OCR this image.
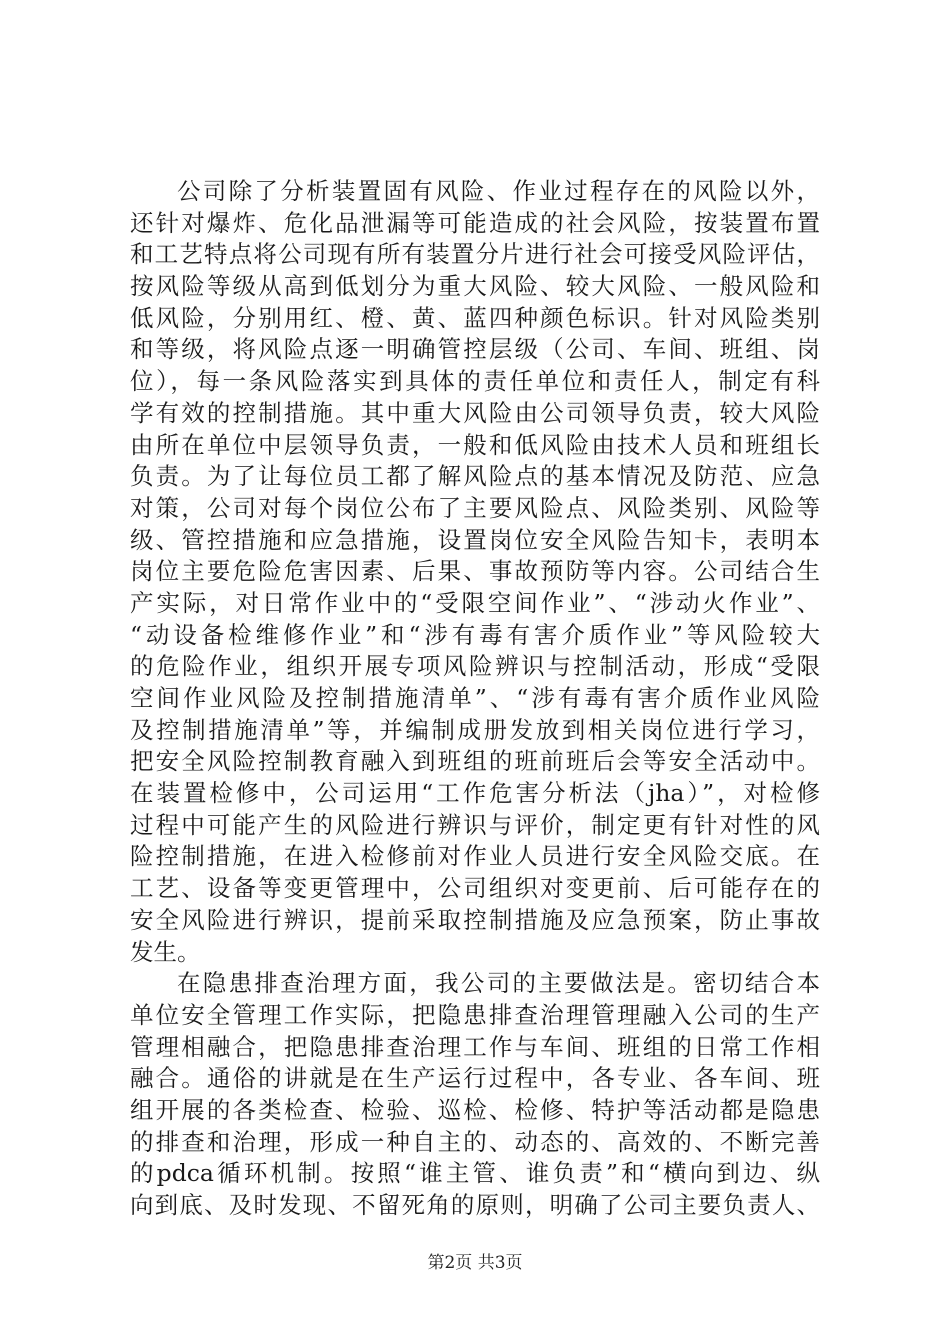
公司除了分析装置固有风险、作业过程存在的风险以外，
还针对爆炸、危化品泄漏等可能造成的社会风险，按装置布置
和工艺特点将公司现有所有装置分片进行社会可接受风险评估，
按风险等级从高到低划分为重大风险、较大风险、一般风险和
低风险，分别用红、橙、黄、蓝四种颜色标识。针对风险类别
和等级，将风险点逐一明确管控层级（公司、车间、班组、岗
位），每一条风险落实到具体的责任单位和责任人，制定有科
学有效的控制措施。其中重大风险由公司领导负责，较大风险
由所在单位中层领导负责，一般和低风险由技术人员和班组长
负责。为了让每位员工都了解风险点的基本情况及防范、应急
对策，公司对每个岗位公布了主要风险点、风险类别、风险等
级、管控措施和应急措施，设置岗位安全风险告知卡，表明本
岗位主要危险危害因素、后果、事故预防等内容。公司结合生
产实际，对日常作业中的“受限空间作业”、“涉动火作业”、
“动设备检维修作业”和“涉有毒有害介质作业”等风险较大
的危险作业，组织开展专项风险辨识与控制活动，形成“受限
空间作业风险及控制措施清单”、“涉有毒有害介质作业风险
及控制措施清单”等，并编制成册发放到相关岗位进行学习，
把安全风险控制教育融入到班组的班前班后会等安全活动中。
在装置检修中，公司运用“工作危害分析法（jha）”，对检修
过程中可能产生的风险进行辨识与评价，制定更有针对性的风
险控制措施，在进入检修前对作业人员进行安全风险交底。在
工艺、设备等变更管理中，公司组织对变更前、后可能存在的
安全风险进行辨识，提前采取控制措施及应急预案，防止事故
发生。
在隐患排查治理方面，我公司的主要做法是。密切结合本
单位安全管理工作实际，把隐患排查治理管理融入公司的生产
管理相融合，把隐患排查治理工作与车间、班组的日常工作相
融合。通俗的讲就是在生产运行过程中，各专业、各车间、班
组开展的各类检查、检验、巡检、检修、特护等活动都是隐患
的排查和治理，形成一种自主的、动态的、高效的、不断完善
的pdca循环机制。按照“谁主管、谁负责”和“横向到边、纵
向到底、及时发现、不留死角的原则，明确了公司主要负责人、
第2页 共3页
